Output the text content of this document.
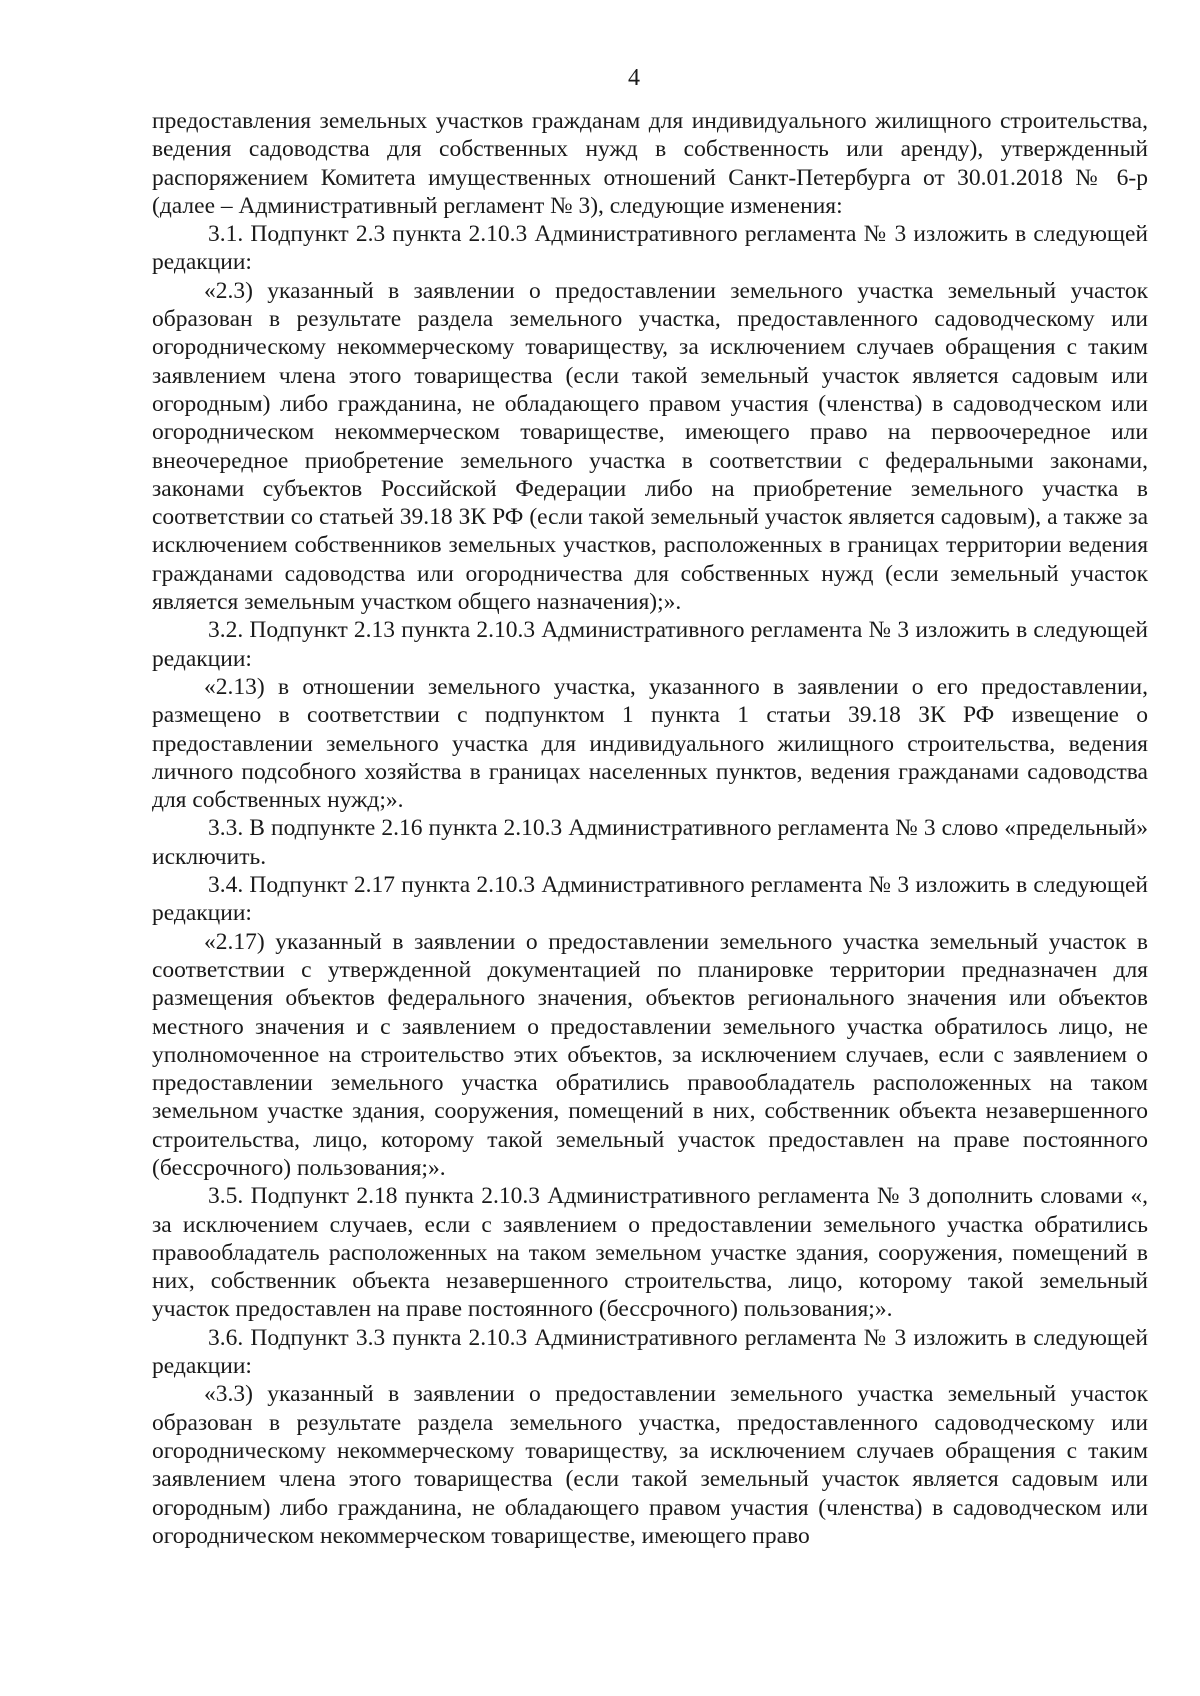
4

предоставления земельных участков гражданам для индивидуального жилищного строительства, ведения садоводства для собственных нужд в собственность или аренду), утвержденный распоряжением Комитета имущественных отношений Санкт-Петербурга от 30.01.2018 № 6-р (далее – Административный регламент № 3), следующие изменения:

3.1. Подпункт 2.3 пункта 2.10.3 Административного регламента № 3 изложить в следующей редакции:

«2.3) указанный в заявлении о предоставлении земельного участка земельный участок образован в результате раздела земельного участка, предоставленного садоводческому или огородническому некоммерческому товариществу, за исключением случаев обращения с таким заявлением члена этого товарищества (если такой земельный участок является садовым или огородным) либо гражданина, не обладающего правом участия (членства) в садоводческом или огородническом некоммерческом товариществе, имеющего право на первоочередное или внеочередное приобретение земельного участка в соответствии с федеральными законами, законами субъектов Российской Федерации либо на приобретение земельного участка в соответствии со статьей 39.18 ЗК РФ (если такой земельный участок является садовым), а также за исключением собственников земельных участков, расположенных в границах территории ведения гражданами садоводства или огородничества для собственных нужд (если земельный участок является земельным участком общего назначения);».

3.2. Подпункт 2.13 пункта 2.10.3 Административного регламента № 3 изложить в следующей редакции:

«2.13) в отношении земельного участка, указанного в заявлении о его предоставлении, размещено в соответствии с подпунктом 1 пункта 1 статьи 39.18 ЗК РФ извещение о предоставлении земельного участка для индивидуального жилищного строительства, ведения личного подсобного хозяйства в границах населенных пунктов, ведения гражданами садоводства для собственных нужд;».

3.3. В подпункте 2.16 пункта 2.10.3 Административного регламента № 3 слово «предельный» исключить.

3.4. Подпункт 2.17 пункта 2.10.3 Административного регламента № 3 изложить в следующей редакции:

«2.17) указанный в заявлении о предоставлении земельного участка земельный участок в соответствии с утвержденной документацией по планировке территории предназначен для размещения объектов федерального значения, объектов регионального значения или объектов местного значения и с заявлением о предоставлении земельного участка обратилось лицо, не уполномоченное на строительство этих объектов, за исключением случаев, если с заявлением о предоставлении земельного участка обратились правообладатель расположенных на таком земельном участке здания, сооружения, помещений в них, собственник объекта незавершенного строительства, лицо, которому такой земельный участок предоставлен на праве постоянного (бессрочного) пользования;».

3.5. Подпункт 2.18 пункта 2.10.3 Административного регламента № 3 дополнить словами «, за исключением случаев, если с заявлением о предоставлении земельного участка обратились правообладатель расположенных на таком земельном участке здания, сооружения, помещений в них, собственник объекта незавершенного строительства, лицо, которому такой земельный участок предоставлен на праве постоянного (бессрочного) пользования;».

3.6. Подпункт 3.3 пункта 2.10.3 Административного регламента № 3 изложить в следующей редакции:

«3.3) указанный в заявлении о предоставлении земельного участка земельный участок образован в результате раздела земельного участка, предоставленного садоводческому или огородническому некоммерческому товариществу, за исключением случаев обращения с таким заявлением члена этого товарищества (если такой земельный участок является садовым или огородным) либо гражданина, не обладающего правом участия (членства) в садоводческом или огородническом некоммерческом товариществе, имеющего право
